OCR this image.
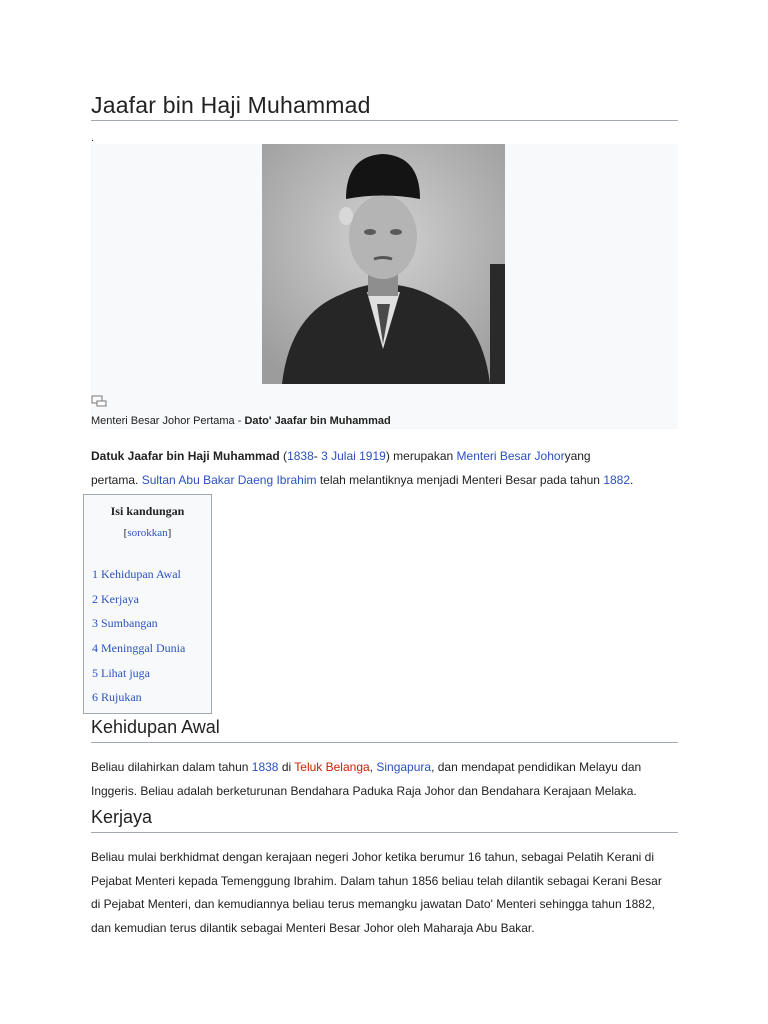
Jaafar bin Haji Muhammad
.
Menteri Besar Johor Pertama - Dato' Jaafar bin Muhammad

Datuk Jaafar bin Haji Muhammad (1838- 3 Julai 1919) merupakan Menteri Besar Johoryang
pertama. Sultan Abu Bakar Daeng Ibrahim telah melantiknya menjadi Menteri Besar pada tahun 1882.

Isi kandungan
[sorokkan]
1 Kehidupan Awal
2 Kerjaya
3 Sumbangan
4 Meninggal Dunia
5 Lihat juga
6 Rujukan
Kehidupan Awal

Beliau dilahirkan dalam tahun 1838 di Teluk Belanga, Singapura, dan mendapat pendidikan Melayu dan
Inggeris. Beliau adalah berketurunan Bendahara Paduka Raja Johor dan Bendahara Kerajaan Melaka.

Kerjaya

Beliau mulai berkhidmat dengan kerajaan negeri Johor ketika berumur 16 tahun, sebagai Pelatih Kerani di
Pejabat Menteri kepada Temenggung Ibrahim. Dalam tahun 1856 beliau telah dilantik sebagai Kerani Besar
di Pejabat Menteri, dan kemudiannya beliau terus memangku jawatan Dato' Menteri sehingga tahun 1882,
dan kemudian terus dilantik sebagai Menteri Besar Johor oleh Maharaja Abu Bakar.
